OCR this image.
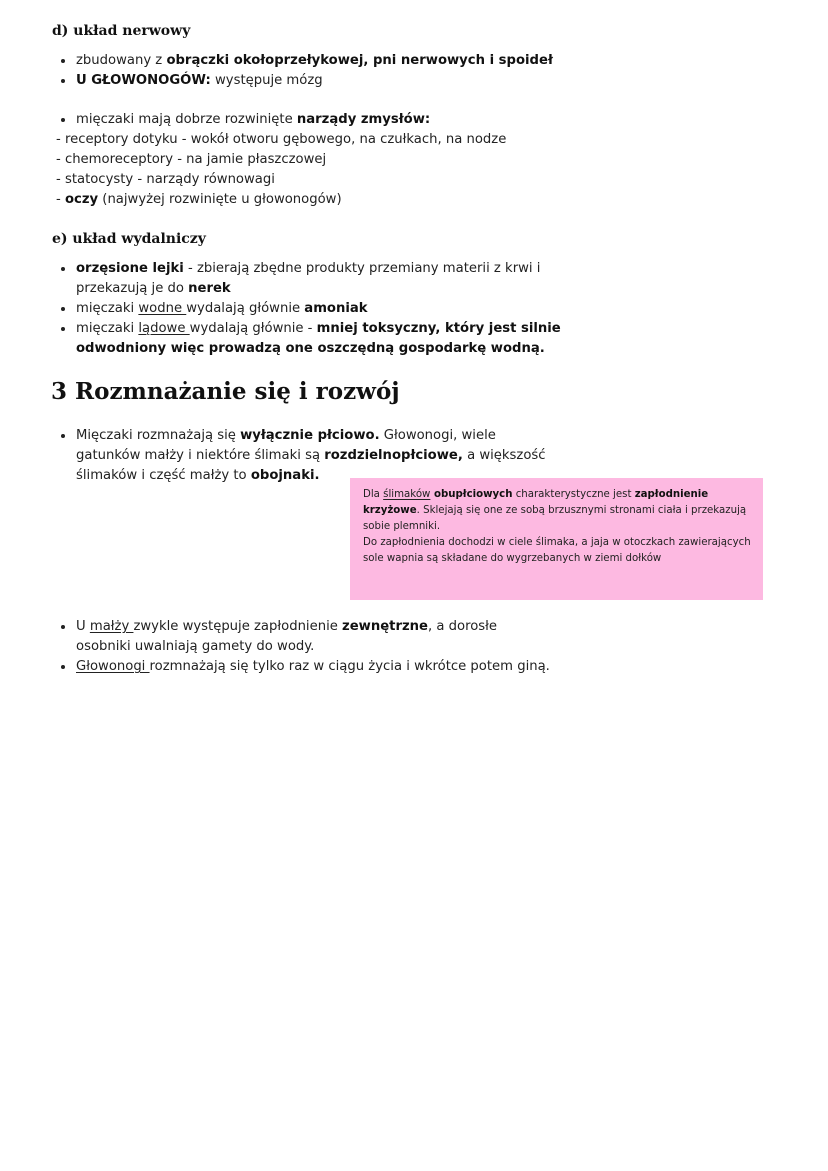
d) układ nerwowy
zbudowany z obrączki okołoprzełykowej, pni nerwowych i spoideł
U GŁOWONOGÓW: występuje mózg
mięczaki mają dobrze rozwinięte narządy zmysłów:
- receptory dotyku - wokół otworu gębowego, na czułkach, na nodze
- chemoreceptory - na jamie płaszczowej
- statocysty - narządy równowagi
- oczy (najwyżej rozwinięte u głowonogów)
e) układ wydalniczy
orzęsione lejki - zbierają zbędne produkty przemiany materii z krwi i przekazują je do nerek
mięczaki wodne wydalają głównie amoniak
mięczaki lądowe wydalają głównie - mniej toksyczny, który jest silnie odwodniony więc prowadzą one oszczędną gospodarkę wodną.
3 Rozmnażanie się i rozwój
Mięczaki rozmnażają się wyłącznie płciowo. Głowonogi, wiele gatunków małży i niektóre ślimaki są rozdzielnopłciowe, a większość ślimaków i część małży to obojnaki.

Dla ślimaków obupłciowych charakterystyczne jest zapłodnienie krzyżowe. Sklejają się one ze sobą brzusznymi stronami ciała i przekazują sobie plemniki.

Do zapłodnienia dochodzi w ciele ślimaka, a jaja w otoczkach zawierających sole wapnia są składane do wygrzebanych w ziemi dołków

U małży zwykle występuje zapłodnienie zewnętrzne, a dorosłe osobniki uwalniają gamety do wody.
Głowonogi rozmnażają się tylko raz w ciągu życia i wkrótce potem giną.
